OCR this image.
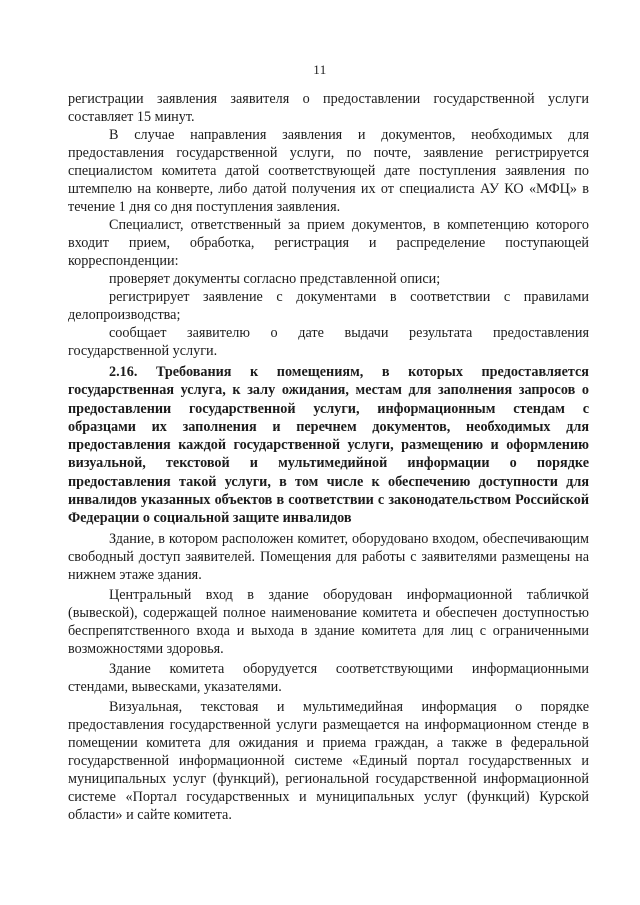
11

регистрации заявления заявителя о предоставлении государственной услуги составляет 15 минут.

В случае направления заявления и документов, необходимых для предоставления государственной услуги, по почте, заявление регистрируется специалистом комитета датой соответствующей дате поступления заявления по штемпелю на конверте, либо датой получения их от специалиста АУ КО «МФЦ» в течение 1 дня со дня поступления заявления.

Специалист, ответственный за прием документов, в компетенцию которого входит прием, обработка, регистрация и распределение поступающей корреспонденции:

проверяет документы согласно представленной описи;

регистрирует заявление с документами в соответствии с правилами делопроизводства;

сообщает заявителю о дате выдачи результата предоставления государственной услуги.

2.16. Требования к помещениям, в которых предоставляется государственная услуга, к залу ожидания, местам для заполнения запросов о предоставлении государственной услуги, информационным стендам с образцами их заполнения и перечнем документов, необходимых для предоставления каждой государственной услуги, размещению и оформлению визуальной, текстовой и мультимедийной информации о порядке предоставления такой услуги, в том числе к обеспечению доступности для инвалидов указанных объектов в соответствии с законодательством Российской Федерации о социальной защите инвалидов

Здание, в котором расположен комитет, оборудовано входом, обеспечивающим свободный доступ заявителей. Помещения для работы с заявителями размещены на нижнем этаже здания.

Центральный вход в здание оборудован информационной табличкой (вывеской), содержащей полное наименование комитета и обеспечен доступностью беспрепятственного входа и выхода в здание комитета для лиц с ограниченными возможностями здоровья.

Здание комитета оборудуется соответствующими информационными стендами, вывесками, указателями.

Визуальная, текстовая и мультимедийная информация о порядке предоставления государственной услуги размещается на информационном стенде в помещении комитета для ожидания и приема граждан, а также в федеральной государственной информационной системе «Единый портал государственных и муниципальных услуг (функций), региональной государственной информационной системе «Портал государственных и муниципальных услуг (функций) Курской области» и сайте комитета.
